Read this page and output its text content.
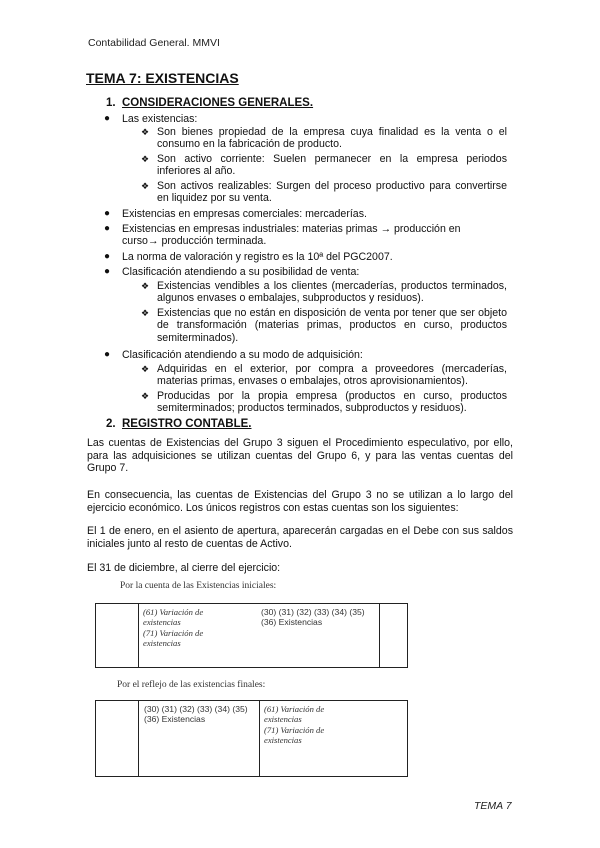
Contabilidad General. MMVI
TEMA 7: EXISTENCIAS
1. CONSIDERACIONES GENERALES.
● Las existencias:
❖ Son bienes propiedad de la empresa cuya finalidad es la venta o el consumo en la fabricación de producto.
❖ Son activo corriente: Suelen permanecer en la empresa periodos inferiores al año.
❖ Son activos realizables: Surgen del proceso productivo para convertirse en liquidez por su venta.
● Existencias en empresas comerciales: mercaderías.
● Existencias en empresas industriales: materias primas → producción en curso→ producción terminada.
● La norma de valoración y registro es la 10ª del PGC2007.
● Clasificación atendiendo a su posibilidad de venta:
❖ Existencias vendibles a los clientes (mercaderías, productos terminados, algunos envases o embalajes, subproductos y residuos).
❖ Existencias que no están en disposición de venta por tener que ser objeto de transformación (materias primas, productos en curso, productos semiterminados).
● Clasificación atendiendo a su modo de adquisición:
❖ Adquiridas en el exterior, por compra a proveedores (mercaderías, materias primas, envases o embalajes, otros aprovisionamientos).
❖ Producidas por la propia empresa (productos en curso, productos semiterminados; productos terminados, subproductos y residuos).
2. REGISTRO CONTABLE.
Las cuentas de Existencias del Grupo 3 siguen el Procedimiento especulativo, por ello, para las adquisiciones se utilizan cuentas del Grupo 6, y para las ventas cuentas del Grupo 7.
En consecuencia, las cuentas de Existencias del Grupo 3 no se utilizan a lo largo del ejercicio económico. Los únicos registros con estas cuentas son los siguientes:
El 1 de enero, en el asiento de apertura, aparecerán cargadas en el Debe con sus saldos iniciales junto al resto de cuentas de Activo.
El 31 de diciembre, al cierre del ejercicio:
Por la cuenta de las Existencias iniciales:
(61) Variación de
existencias
(71) Variación de
existencias
(30) (31) (32) (33) (34) (35)
(36) Existencias
Por el reflejo de las existencias finales:
(30) (31) (32) (33) (34) (35)
(36) Existencias
(61) Variación de
existencias
(71) Variación de
existencias
TEMA 7
